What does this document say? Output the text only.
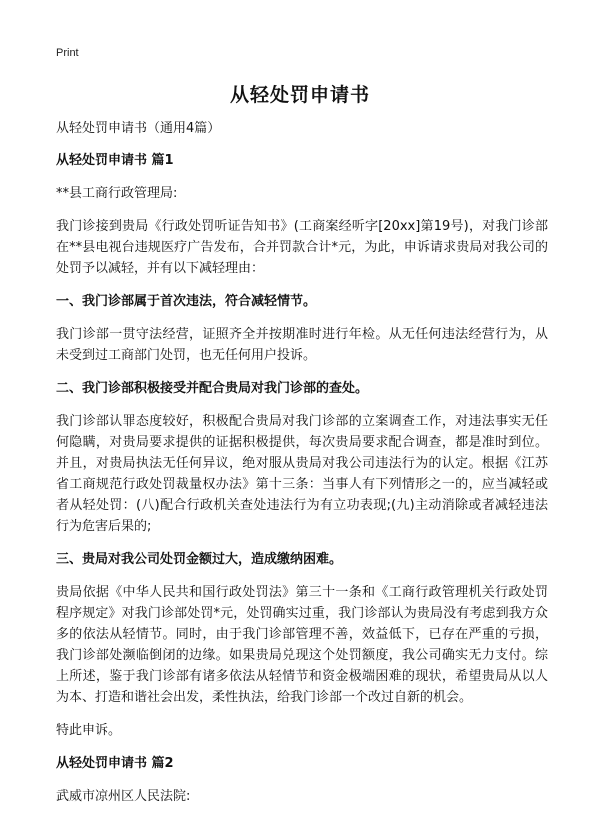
Print
从轻处罚申请书

从轻处罚申请书（通用4篇）

从轻处罚申请书 篇1

**县工商行政管理局:

我门诊接到贵局《行政处罚听证告知书》(工商案经听字[20xx]第19号)，对我门诊部在**县电视台违规医疗广告发布，合并罚款合计*元，为此，申诉请求贵局对我公司的处罚予以减轻，并有以下减轻理由：

一、我门诊部属于首次违法，符合减轻情节。

我门诊部一贯守法经营，证照齐全并按期准时进行年检。从无任何违法经营行为，从未受到过工商部门处罚，也无任何用户投诉。

二、我门诊部积极接受并配合贵局对我门诊部的查处。

我门诊部认罪态度较好，积极配合贵局对我门诊部的立案调查工作，对违法事实无任何隐瞒，对贵局要求提供的证据积极提供，每次贵局要求配合调查，都是准时到位。并且，对贵局执法无任何异议，绝对服从贵局对我公司违法行为的认定。根据《江苏省工商规范行政处罚裁量权办法》第十三条：当事人有下列情形之一的，应当减轻或者从轻处罚：(八)配合行政机关查处违法行为有立功表现;(九)主动消除或者减轻违法行为危害后果的;

三、贵局对我公司处罚金额过大，造成缴纳困难。

贵局依据《中华人民共和国行政处罚法》第三十一条和《工商行政管理机关行政处罚程序规定》对我门诊部处罚*元，处罚确实过重，我门诊部认为贵局没有考虑到我方众多的依法从轻情节。同时，由于我门诊部管理不善，效益低下，已存在严重的亏损，我门诊部处濒临倒闭的边缘。如果贵局兑现这个处罚额度，我公司确实无力支付。综上所述，鉴于我门诊部有诸多依法从轻情节和资金极端困难的现状，希望贵局从以人为本、打造和谐社会出发，柔性执法，给我门诊部一个改过自新的机会。

特此申诉。

从轻处罚申请书 篇2

武威市凉州区人民法院:
